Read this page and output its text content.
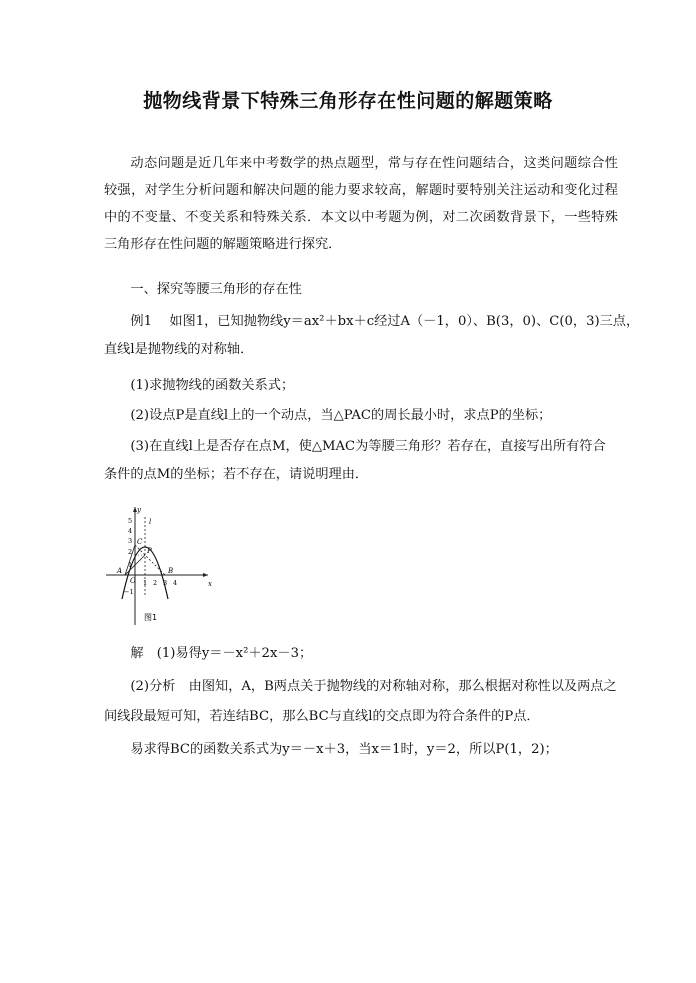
抛物线背景下特殊三角形存在性问题的解题策略
动态问题是近几年来中考数学的热点题型，常与存在性问题结合，这类问题综合性较强，对学生分析问题和解决问题的能力要求较高，解题时要特别关注运动和变化过程中的不变量、不变关系和特殊关系．本文以中考题为例，对二次函数背景下，一些特殊三角形存在性问题的解题策略进行探究．
一、探究等腰三角形的存在性
例1　 如图1，已知抛物线y＝ax²＋bx＋c经过A（－1，0）、B(3，0)、C(0，3)三点，
直线l是抛物线的对称轴．
(1)求抛物线的函数关系式；
(2)设点P是直线l上的一个动点，当△PAC的周长最小时，求点P的坐标；
(3)在直线l上是否存在点M，使△MAC为等腰三角形？若存在，直接写出所有符合
条件的点M的坐标；若不存在，请说明理由．
y
x
O
l
C
P
A	B
5
4
3
2
1
−1
1 2 3 4
图1
解　(1)易得y＝－x²＋2x－3；
(2)分析　由图知，A，B两点关于抛物线的对称轴对称，那么根据对称性以及两点之
间线段最短可知，若连结BC，那么BC与直线l的交点即为符合条件的P点．
易求得BC的函数关系式为y＝－x＋3，当x＝1时，y＝2，所以P(1，2)；
